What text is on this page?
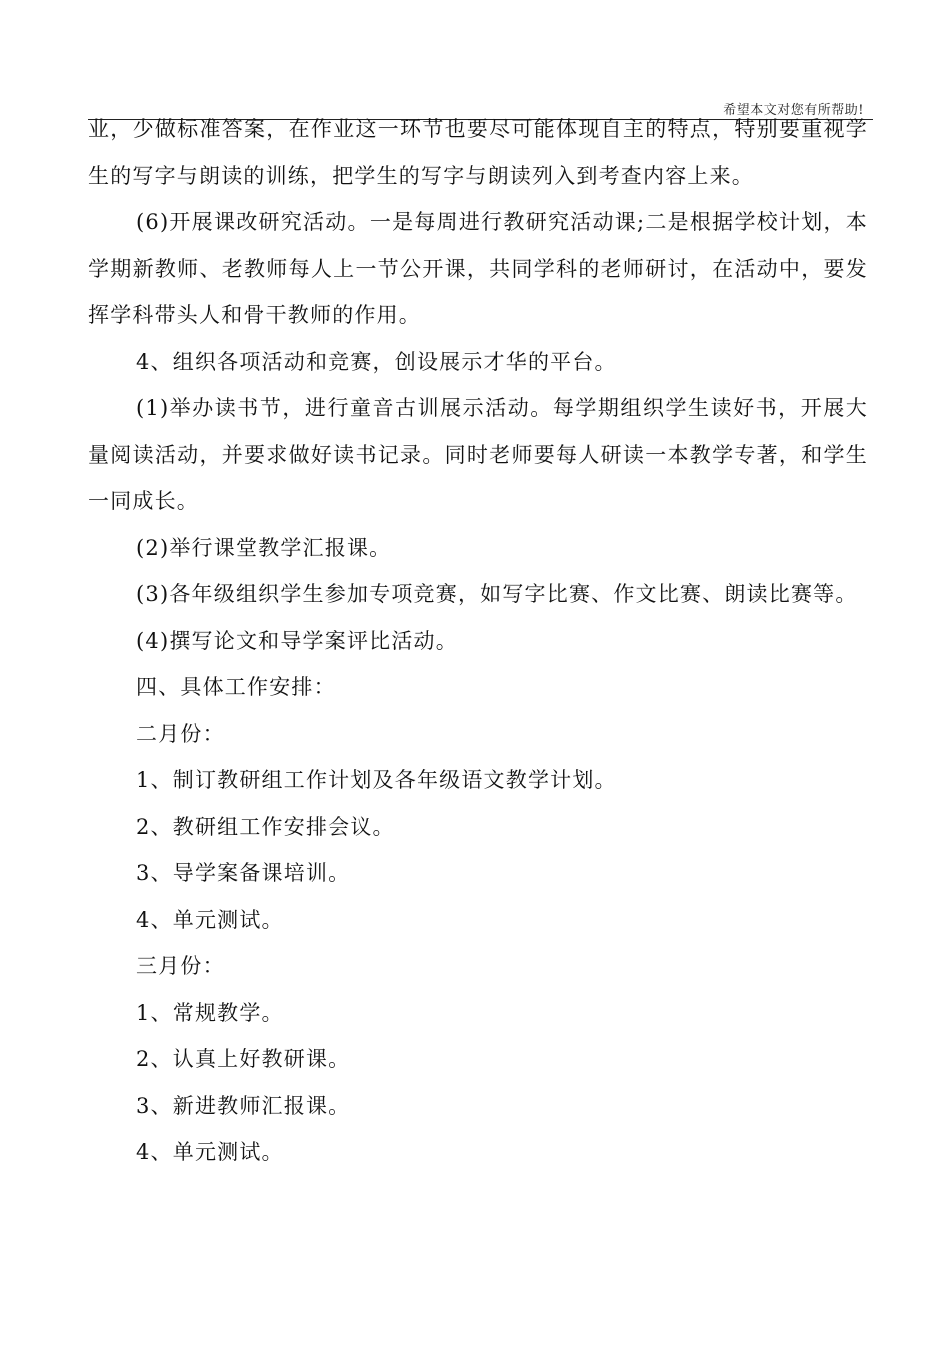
希望本文对您有所帮助!

业，少做标准答案，在作业这一环节也要尽可能体现自主的特点，特别要重视学生的写字与朗读的训练，把学生的写字与朗读列入到考查内容上来。

(6)开展课改研究活动。一是每周进行教研究活动课;二是根据学校计划，本学期新教师、老教师每人上一节公开课，共同学科的老师研讨，在活动中，要发挥学科带头人和骨干教师的作用。

4、组织各项活动和竞赛，创设展示才华的平台。

(1)举办读书节，进行童音古训展示活动。每学期组织学生读好书，开展大量阅读活动，并要求做好读书记录。同时老师要每人研读一本教学专著，和学生一同成长。

(2)举行课堂教学汇报课。

(3)各年级组织学生参加专项竞赛，如写字比赛、作文比赛、朗读比赛等。

(4)撰写论文和导学案评比活动。

四、具体工作安排：

二月份：

1、制订教研组工作计划及各年级语文教学计划。

2、教研组工作安排会议。

3、导学案备课培训。

4、单元测试。

三月份：

1、常规教学。

2、认真上好教研课。

3、新进教师汇报课。

4、单元测试。
